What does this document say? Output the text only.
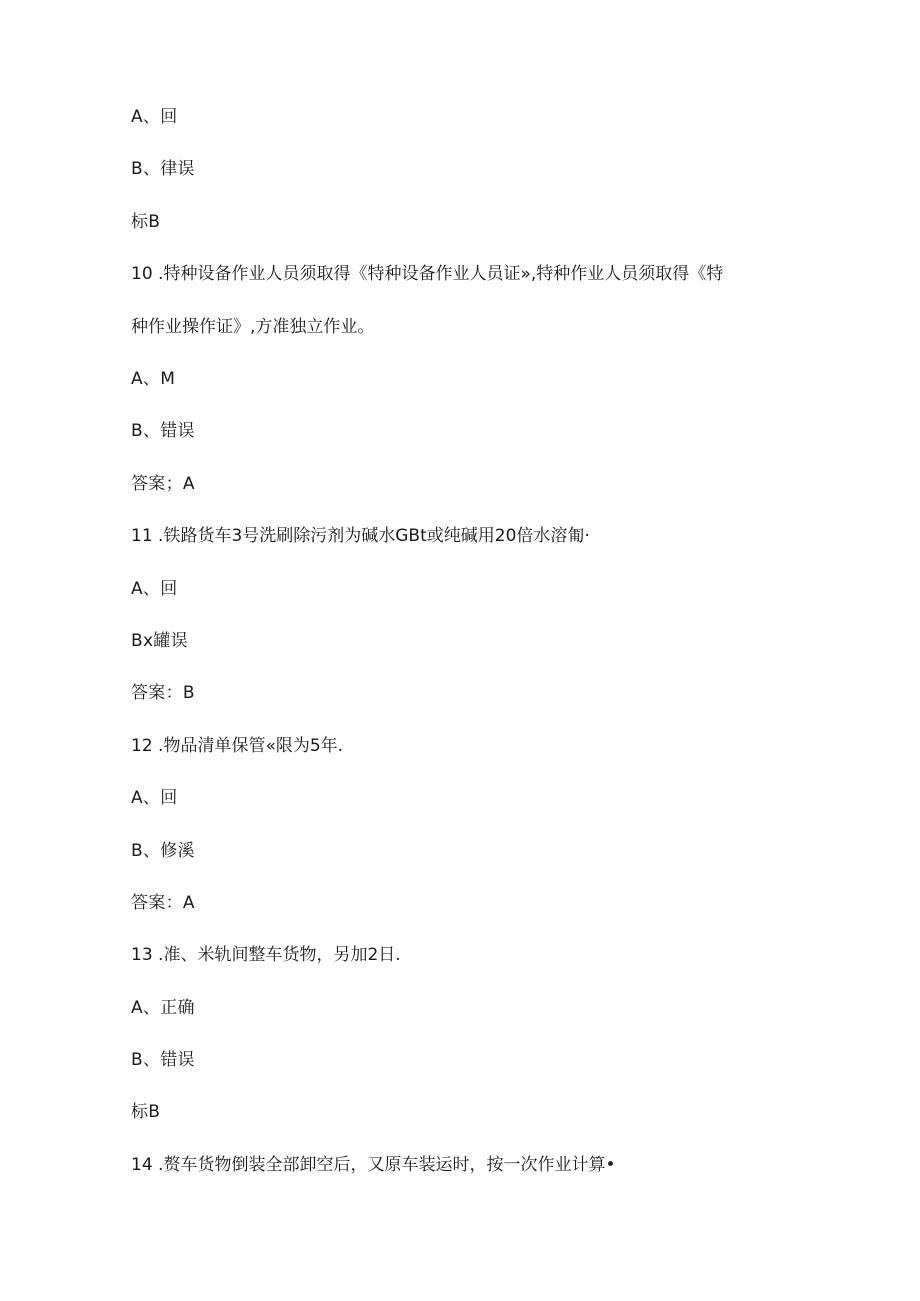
A、回
B、律误
标B
10 .特种设备作业人员须取得《特种设备作业人员证»,特种作业人员须取得《特
种作业操作证》,方准独立作业。
A、M
B、错误
答案；A
11 .铁路货车3号洗刷除污剂为碱水GBt或纯碱用20倍水溶匍·
A、回
Bx罐误
答案：B
12 .物品清单保管«限为5年.
A、回
B、修溪
答案：A
13 .准、米轨间整车货物，另加2日.
A、正确
B、错误
标B
14 .赘车货物倒装全部卸空后，又原车装运时，按一次作业计算•
